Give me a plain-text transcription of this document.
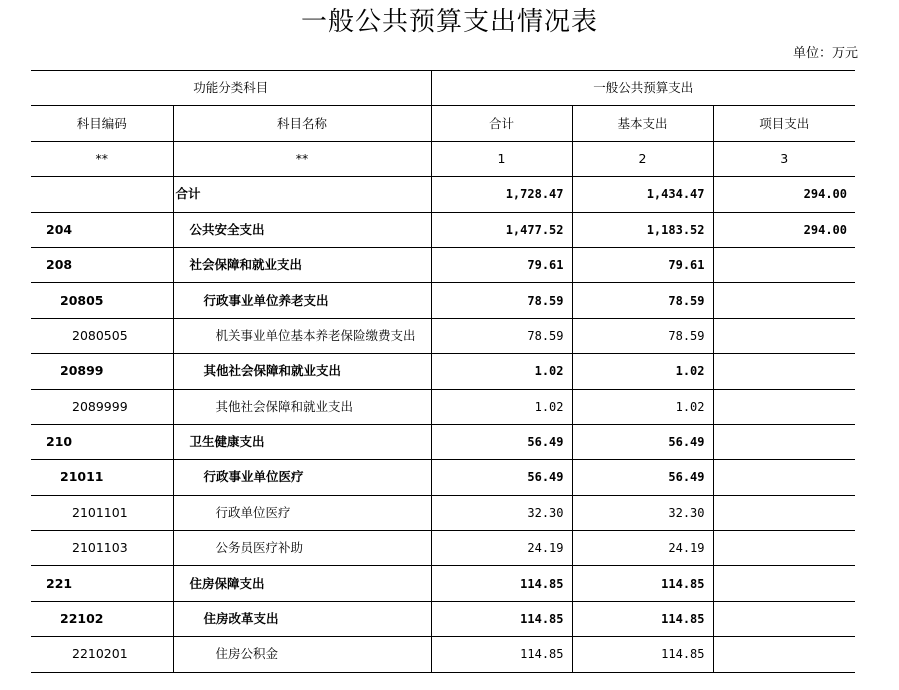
一般公共预算支出情况表
单位：万元
功能分类科目		一般公共预算支出		
科目编码	科目名称	合计	基本支出	项目支出
**	**	1	2	3
	合计	1,728.47	1,434.47	294.00
204	公共安全支出	1,477.52	1,183.52	294.00
208	社会保障和就业支出	79.61	79.61	
20805	行政事业单位养老支出	78.59	78.59	
2080505	机关事业单位基本养老保险缴费支出	78.59	78.59	
20899	其他社会保障和就业支出	1.02	1.02	
2089999	其他社会保障和就业支出	1.02	1.02	
210	卫生健康支出	56.49	56.49	
21011	行政事业单位医疗	56.49	56.49	
2101101	行政单位医疗	32.30	32.30	
2101103	公务员医疗补助	24.19	24.19	
221	住房保障支出	114.85	114.85	
22102	住房改革支出	114.85	114.85	
2210201	住房公积金	114.85	114.85	
